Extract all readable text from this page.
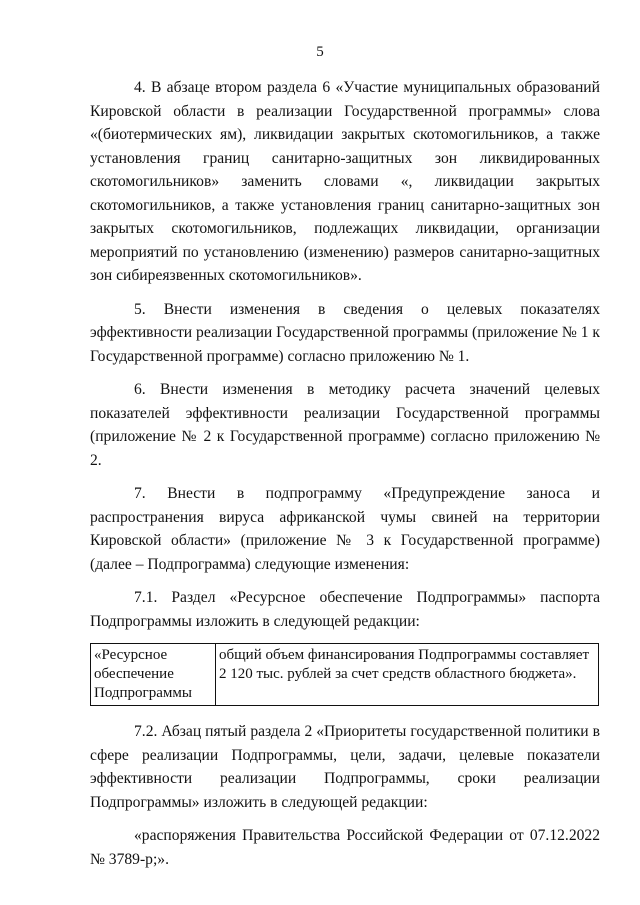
5

4. В абзаце втором раздела 6 «Участие муниципальных образований Кировской области в реализации Государственной программы» слова «(биотермических ям), ликвидации закрытых скотомогильников, а также установления границ санитарно-защитных зон ликвидированных скотомогильников» заменить словами «, ликвидации закрытых скотомогильников, а также установления границ санитарно-защитных зон закрытых скотомогильников, подлежащих ликвидации, организации мероприятий по установлению (изменению) размеров санитарно-защитных зон сибиреязвенных скотомогильников».

5. Внести изменения в сведения о целевых показателях эффективности реализации Государственной программы (приложение № 1 к Государственной программе) согласно приложению № 1.

6. Внести изменения в методику расчета значений целевых показателей эффективности реализации Государственной программы (приложение № 2 к Государственной программе) согласно приложению № 2.

7. Внести в подпрограмму «Предупреждение заноса и распространения вируса африканской чумы свиней на территории Кировской области» (приложение № 3 к Государственной программе) (далее – Подпрограмма) следующие изменения:

7.1. Раздел «Ресурсное обеспечение Подпрограммы» паспорта Подпрограммы изложить в следующей редакции:

«Ресурсное обеспечение Подпрограммы	общий объем финансирования Подпрограммы составляет 2 120 тыс. рублей за счет средств областного бюджета».

7.2. Абзац пятый раздела 2 «Приоритеты государственной политики в сфере реализации Подпрограммы, цели, задачи, целевые показатели эффективности реализации Подпрограммы, сроки реализации Подпрограммы» изложить в следующей редакции:

«распоряжения Правительства Российской Федерации от 07.12.2022 № 3789-р;».
